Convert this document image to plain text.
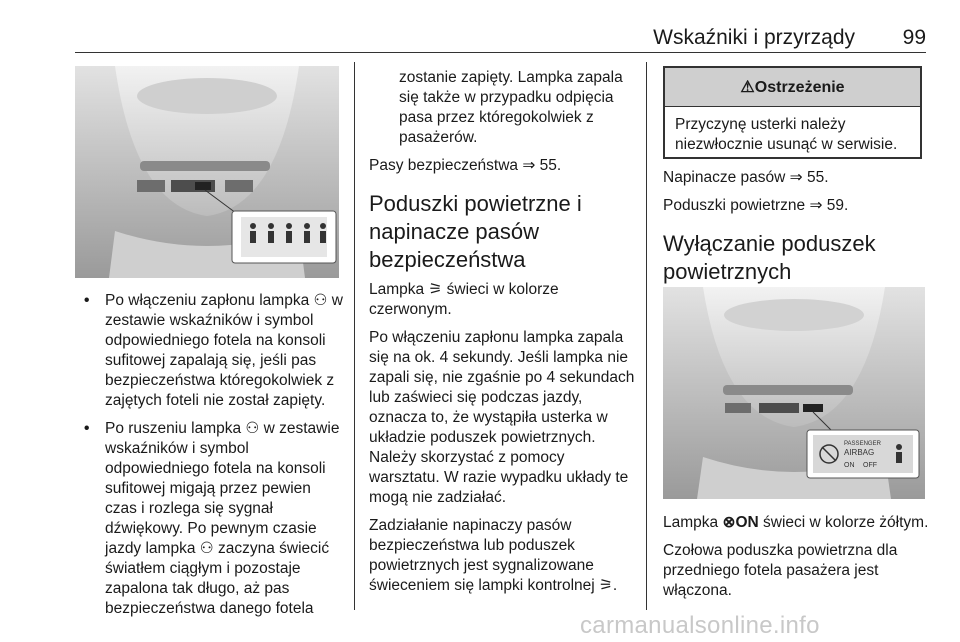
Wskaźniki i przyrządy 99
• Po włączeniu zapłonu lampka ⚇ w zestawie wskaźników i symbol odpowiedniego fotela na konsoli sufitowej zapalają się, jeśli pas bezpieczeństwa któregokolwiek z zajętych foteli nie został zapięty.
• Po ruszeniu lampka ⚇ w zestawie wskaźników i symbol odpowiedniego fotela na konsoli sufitowej migają przez pewien czas i rozlega się sygnał dźwiękowy. Po pewnym czasie jazdy lampka ⚇ zaczyna świecić światłem ciągłym i pozostaje zapalona tak długo, aż pas bezpieczeństwa danego fotela

zostanie zapięty. Lampka zapala się także w przypadku odpięcia pasa przez któregokolwiek z pasażerów.

Pasy bezpieczeństwa ⇒ 55.

Poduszki powietrzne i napinacze pasów bezpieczeństwa

Lampka ⚞ świeci w kolorze czerwonym.

Po włączeniu zapłonu lampka zapala się na ok. 4 sekundy. Jeśli lampka nie zapali się, nie zgaśnie po 4 sekundach lub zaświeci się podczas jazdy, oznacza to, że wystąpiła usterka w układzie poduszek powietrznych. Należy skorzystać z pomocy warsztatu. W razie wypadku układy te mogą nie zadziałać.

Zadziałanie napinaczy pasów bezpieczeństwa lub poduszek powietrznych jest sygnalizowane świeceniem się lampki kontrolnej ⚞.

⚠Ostrzeżenie
Przyczynę usterki należy niezwłocznie usunąć w serwisie.

Napinacze pasów ⇒ 55.

Poduszki powietrzne ⇒ 59.

Wyłączanie poduszek powietrznych
PASSENGER
AIRBAG
ON OFF

Lampka ⊗ON świeci w kolorze żółtym.

Czołowa poduszka powietrzna dla przedniego fotela pasażera jest włączona.

carmanualsonline.info
